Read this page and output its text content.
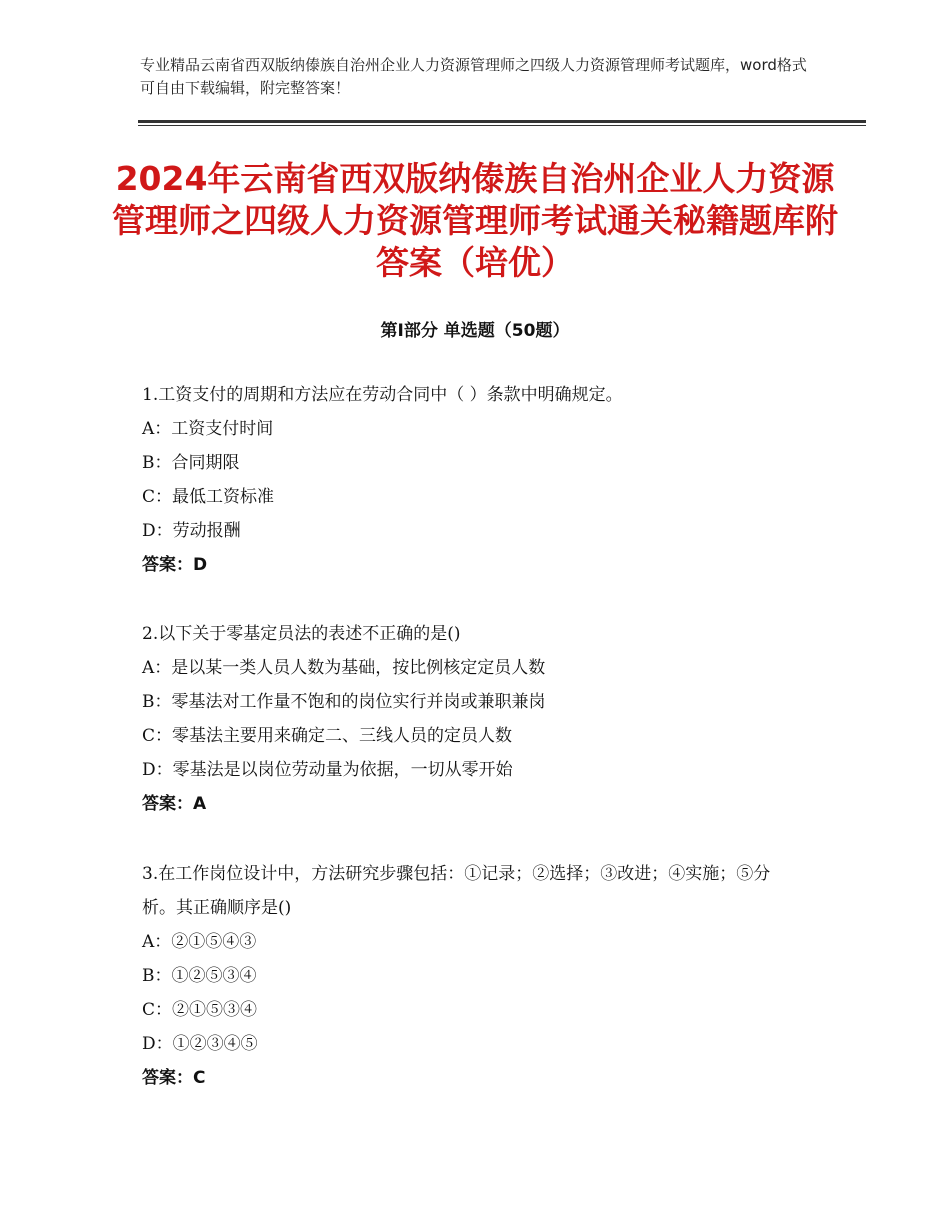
专业精品云南省西双版纳傣族自治州企业人力资源管理师之四级人力资源管理师考试题库，word格式可自由下载编辑，附完整答案！
2024年云南省西双版纳傣族自治州企业人力资源管理师之四级人力资源管理师考试通关秘籍题库附答案（培优）
第Ⅰ部分 单选题（50题）

1.工资支付的周期和方法应在劳动合同中（ ）条款中明确规定。

A：工资支付时间

B：合同期限

C：最低工资标准

D：劳动报酬

答案：D

2.以下关于零基定员法的表述不正确的是()

A：是以某一类人员人数为基础，按比例核定定员人数

B：零基法对工作量不饱和的岗位实行并岗或兼职兼岗

C：零基法主要用来确定二、三线人员的定员人数

D：零基法是以岗位劳动量为依据，一切从零开始

答案：A

3.在工作岗位设计中，方法研究步骤包括：①记录；②选择；③改进；④实施；⑤分析。其正确顺序是()

A：②①⑤④③

B：①②⑤③④

C：②①⑤③④

D：①②③④⑤

答案：C
